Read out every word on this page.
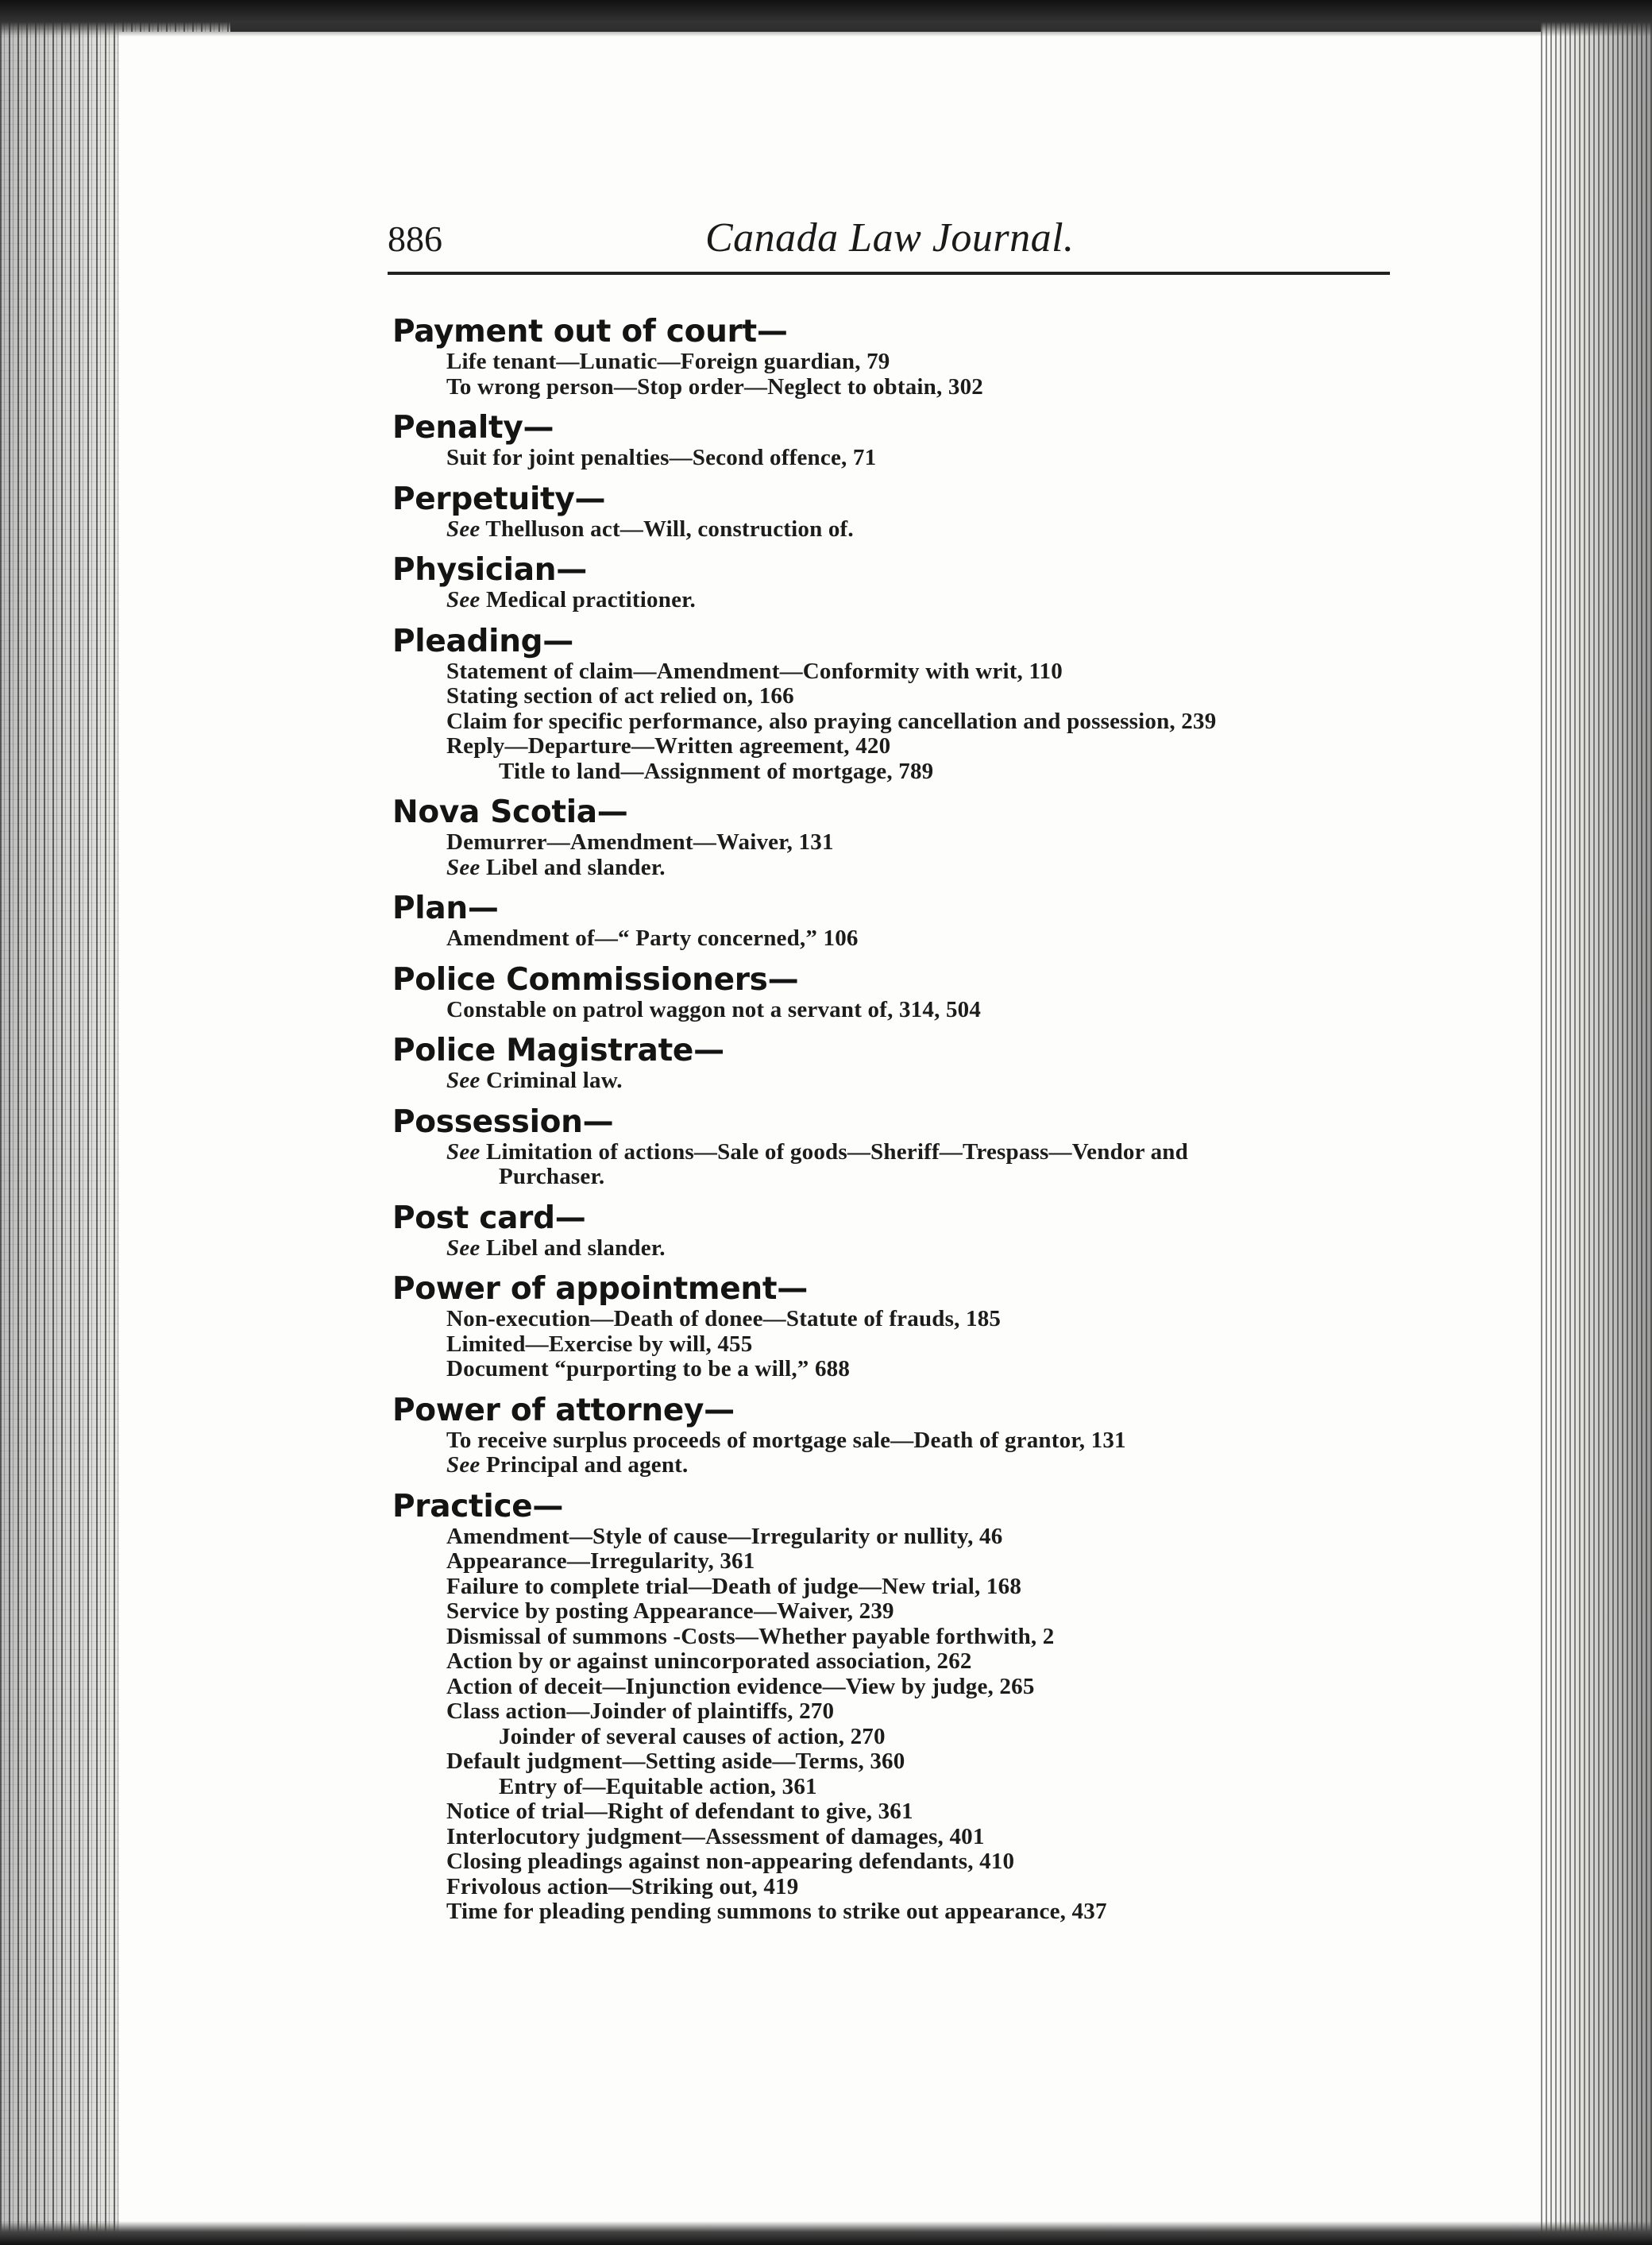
886	Canada Law Journal.
Payment out of court—
Life tenant—Lunatic—Foreign guardian, 79
To wrong person—Stop order—Neglect to obtain, 302
Penalty—
Suit for joint penalties—Second offence, 71
Perpetuity—
See Thelluson act—Will, construction of.
Physician—
See Medical practitioner.
Pleading—
Statement of claim—Amendment—Conformity with writ, 110
Stating section of act relied on, 166
Claim for specific performance, also praying cancellation and possession, 239
Reply—Departure—Written agreement, 420
Title to land—Assignment of mortgage, 789
Nova Scotia—
Demurrer—Amendment—Waiver, 131
See Libel and slander.
Plan—
Amendment of—“ Party concerned,” 106
Police Commissioners—
Constable on patrol waggon not a servant of, 314, 504
Police Magistrate—
See Criminal law.
Possession—
See Limitation of actions—Sale of goods—Sheriff—Trespass—Vendor and
Purchaser.
Post card—
See Libel and slander.
Power of appointment—
Non-execution—Death of donee—Statute of frauds, 185
Limited—Exercise by will, 455
Document “purporting to be a will,” 688
Power of attorney—
To receive surplus proceeds of mortgage sale—Death of grantor, 131
See Principal and agent.
Practice—
Amendment—Style of cause—Irregularity or nullity, 46
Appearance—Irregularity, 361
Failure to complete trial—Death of judge—New trial, 168
Service by posting Appearance—Waiver, 239
Dismissal of summons -Costs—Whether payable forthwith, 2
Action by or against unincorporated association, 262
Action of deceit—Injunction evidence—View by judge, 265
Class action—Joinder of plaintiffs, 270
Joinder of several causes of action, 270
Default judgment—Setting aside—Terms, 360
Entry of—Equitable action, 361
Notice of trial—Right of defendant to give, 361
Interlocutory judgment—Assessment of damages, 401
Closing pleadings against non-appearing defendants, 410
Frivolous action—Striking out, 419
Time for pleading pending summons to strike out appearance, 437
